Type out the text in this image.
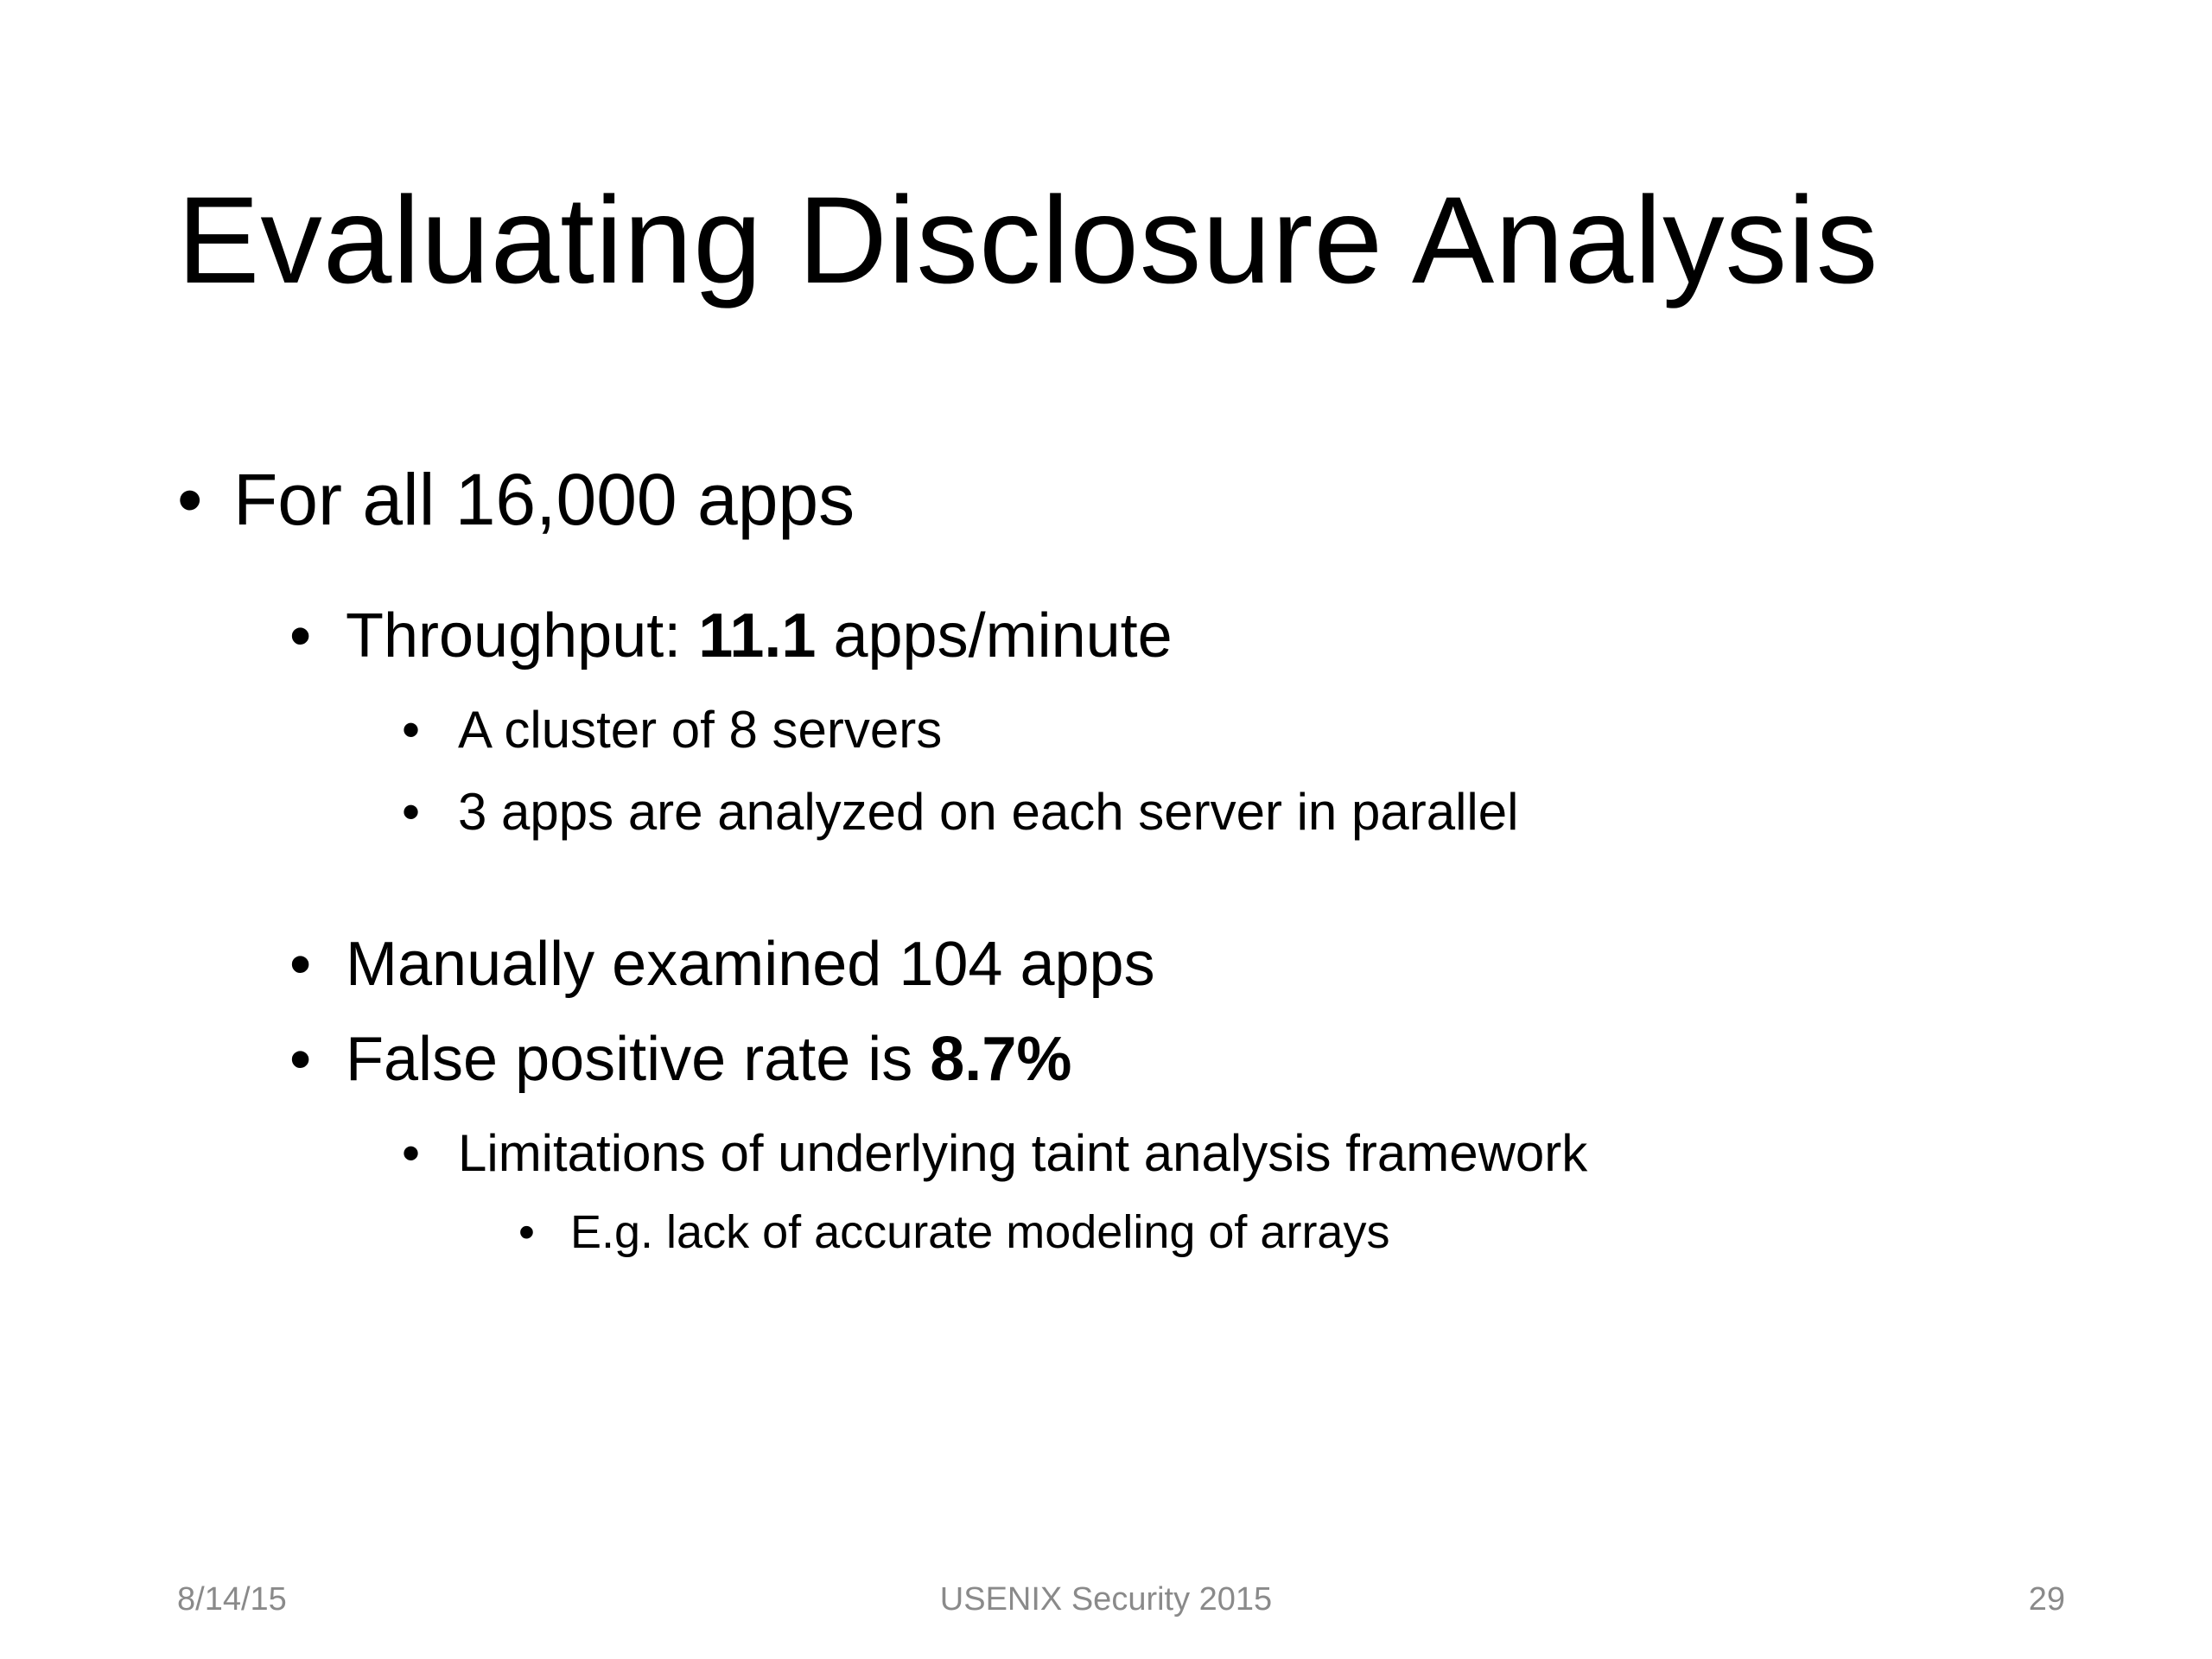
Evaluating Disclosure Analysis
• For all 16,000 apps
• Throughput: 11.1 apps/minute
• A cluster of 8 servers
• 3 apps are analyzed on each server in parallel
• Manually examined 104 apps
• False positive rate is 8.7%
• Limitations of underlying taint analysis framework
• E.g. lack of accurate modeling of arrays
8/14/15	USENIX Security 2015	29
